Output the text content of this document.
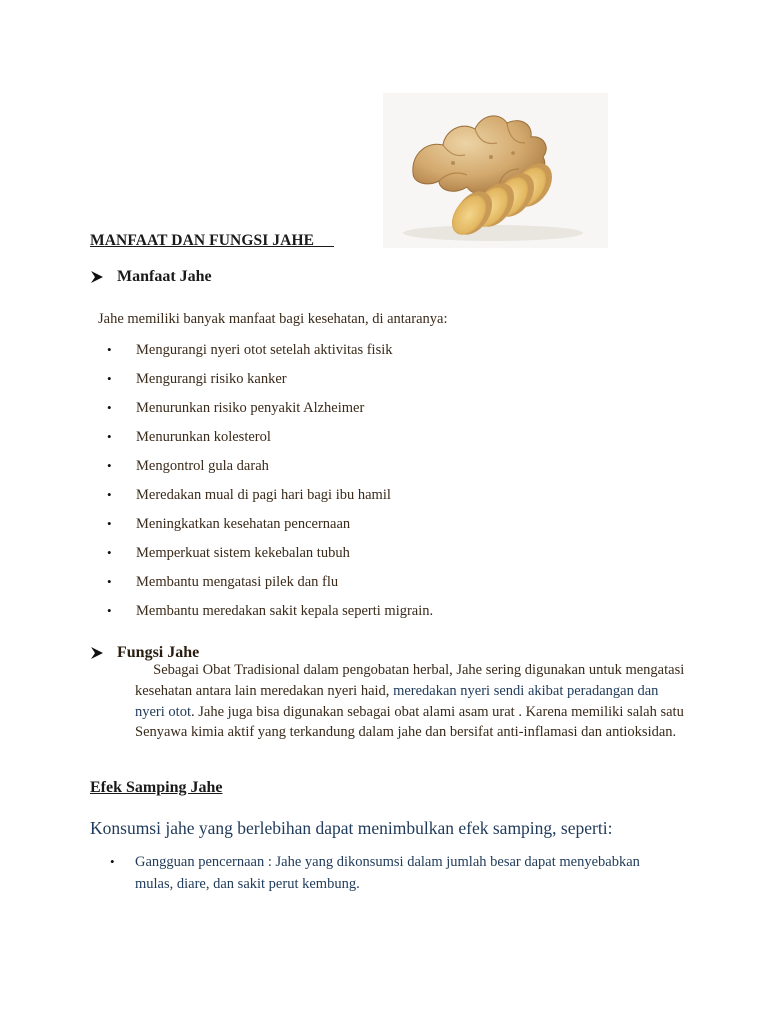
MANFAAT DAN FUNGSI JAHE
Manfaat Jahe

Jahe memiliki banyak manfaat bagi kesehatan, di antaranya:

• Mengurangi nyeri otot setelah aktivitas fisik
• Mengurangi risiko kanker
• Menurunkan risiko penyakit Alzheimer
• Menurunkan kolesterol
• Mengontrol gula darah
• Meredakan mual di pagi hari bagi ibu hamil
• Meningkatkan kesehatan pencernaan
• Memperkuat sistem kekebalan tubuh
• Membantu mengatasi pilek dan flu
• Membantu meredakan sakit kepala seperti migrain.
Fungsi Jahe

Sebagai Obat Tradisional dalam pengobatan herbal, Jahe sering digunakan untuk mengatasi kesehatan antara lain meredakan nyeri haid, meredakan nyeri sendi akibat peradangan dan nyeri otot. Jahe juga bisa digunakan sebagai obat alami asam urat . Karena memiliki salah satu Senyawa kimia aktif yang terkandung dalam jahe dan bersifat anti-inflamasi dan antioksidan.

Efek Samping Jahe

Konsumsi jahe yang berlebihan dapat menimbulkan efek samping, seperti:

• Gangguan pencernaan : Jahe yang dikonsumsi dalam jumlah besar dapat menyebabkan mulas, diare, dan sakit perut kembung.
